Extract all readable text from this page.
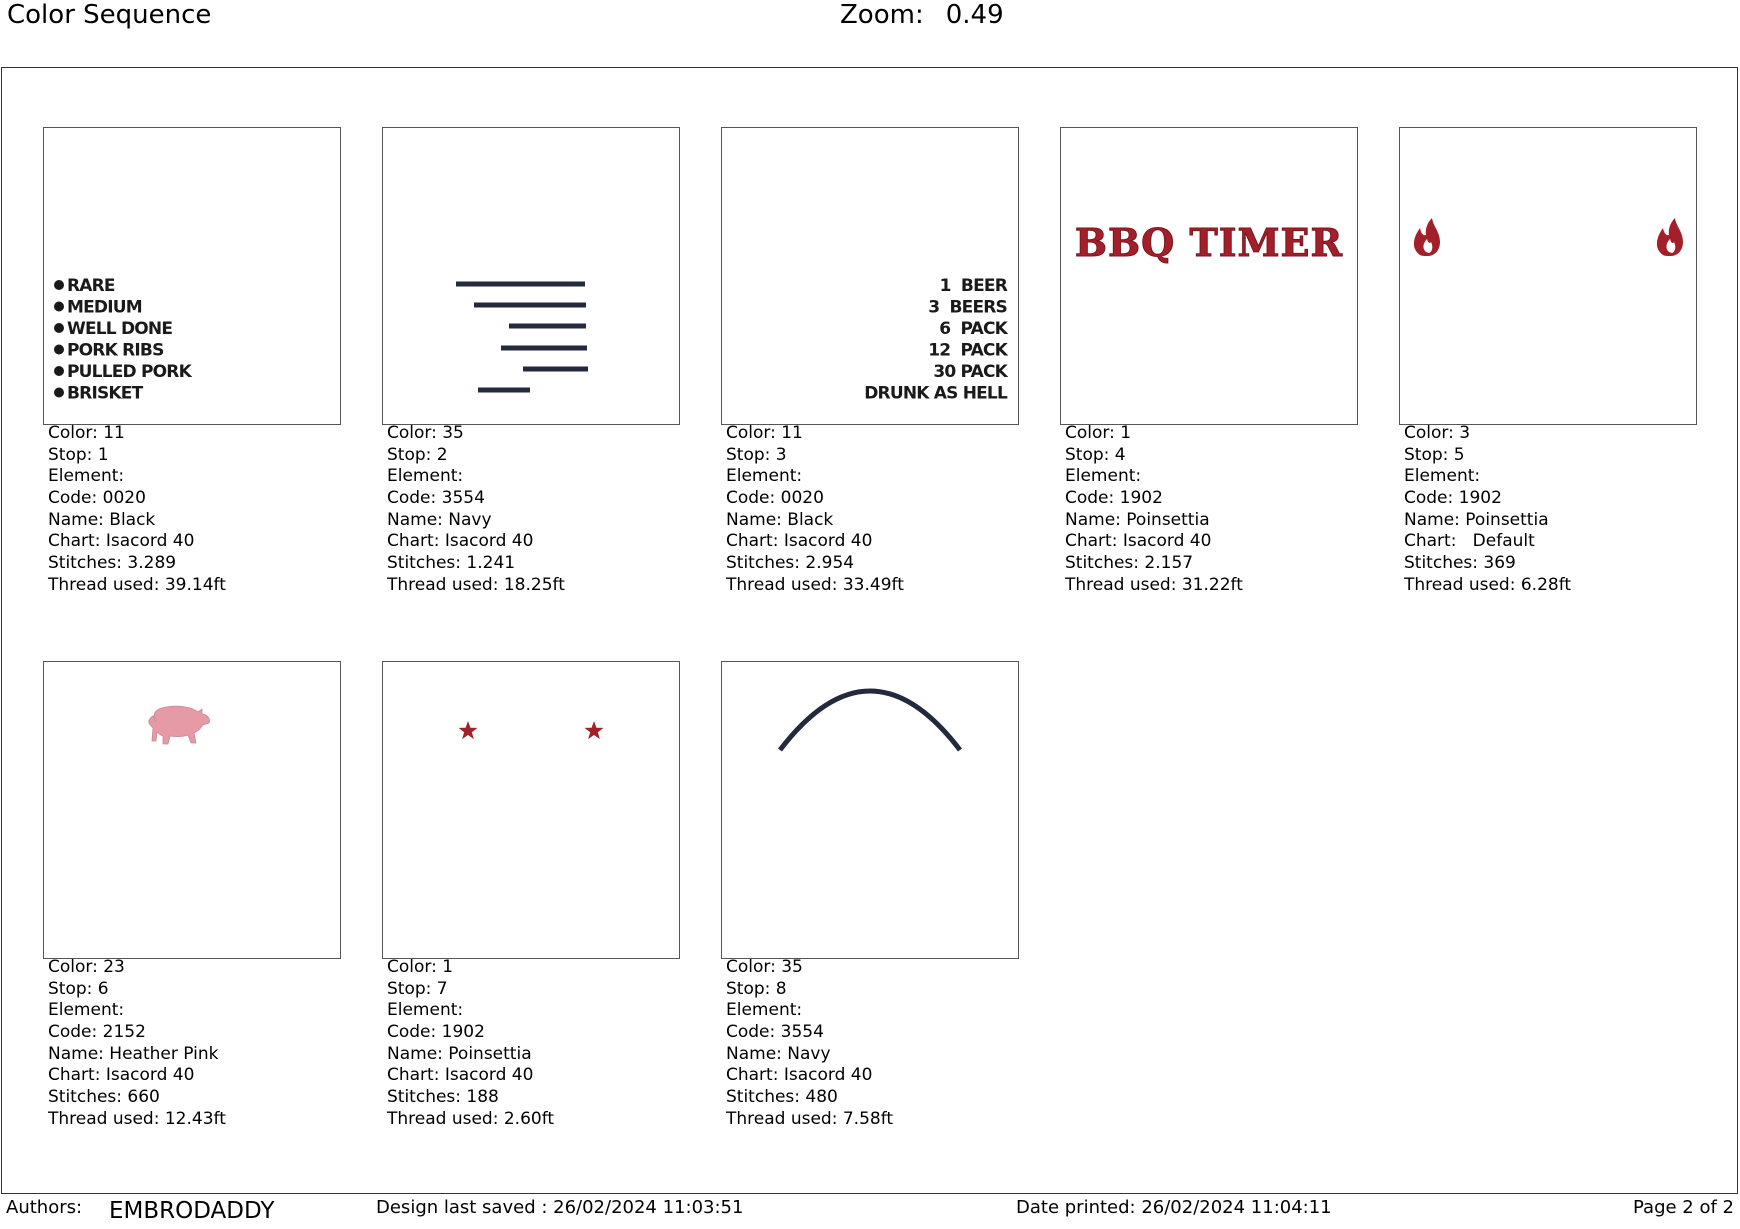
Color Sequence	Zoom: 0.49
RARE
MEDIUM
WELL DONE
PORK RIBS
PULLED PORK
BRISKET
Color: 11
Stop: 1
Element:
Code: 0020
Name: Black
Chart: Isacord 40
Stitches: 3.289
Thread used: 39.14ft
Color: 35
Stop: 2
Element:
Code: 3554
Name: Navy
Chart: Isacord 40
Stitches: 1.241
Thread used: 18.25ft
1  BEER
3  BEERS
6  PACK
12  PACK
30 PACK
DRUNK AS HELL
Color: 11
Stop: 3
Element:
Code: 0020
Name: Black
Chart: Isacord 40
Stitches: 2.954
Thread used: 33.49ft
BBQ TIMER
Color: 1
Stop: 4
Element:
Code: 1902
Name: Poinsettia
Chart: Isacord 40
Stitches: 2.157
Thread used: 31.22ft
Color: 3
Stop: 5
Element:
Code: 1902
Name: Poinsettia
Chart:   Default
Stitches: 369
Thread used: 6.28ft
Color: 23
Stop: 6
Element:
Code: 2152
Name: Heather Pink
Chart: Isacord 40
Stitches: 660
Thread used: 12.43ft
Color: 1
Stop: 7
Element:
Code: 1902
Name: Poinsettia
Chart: Isacord 40
Stitches: 188
Thread used: 2.60ft
Color: 35
Stop: 8
Element:
Code: 3554
Name: Navy
Chart: Isacord 40
Stitches: 480
Thread used: 7.58ft
Authors: EMBRODADDY	Design last saved : 26/02/2024 11:03:51	Date printed: 26/02/2024 11:04:11	Page 2 of 2
